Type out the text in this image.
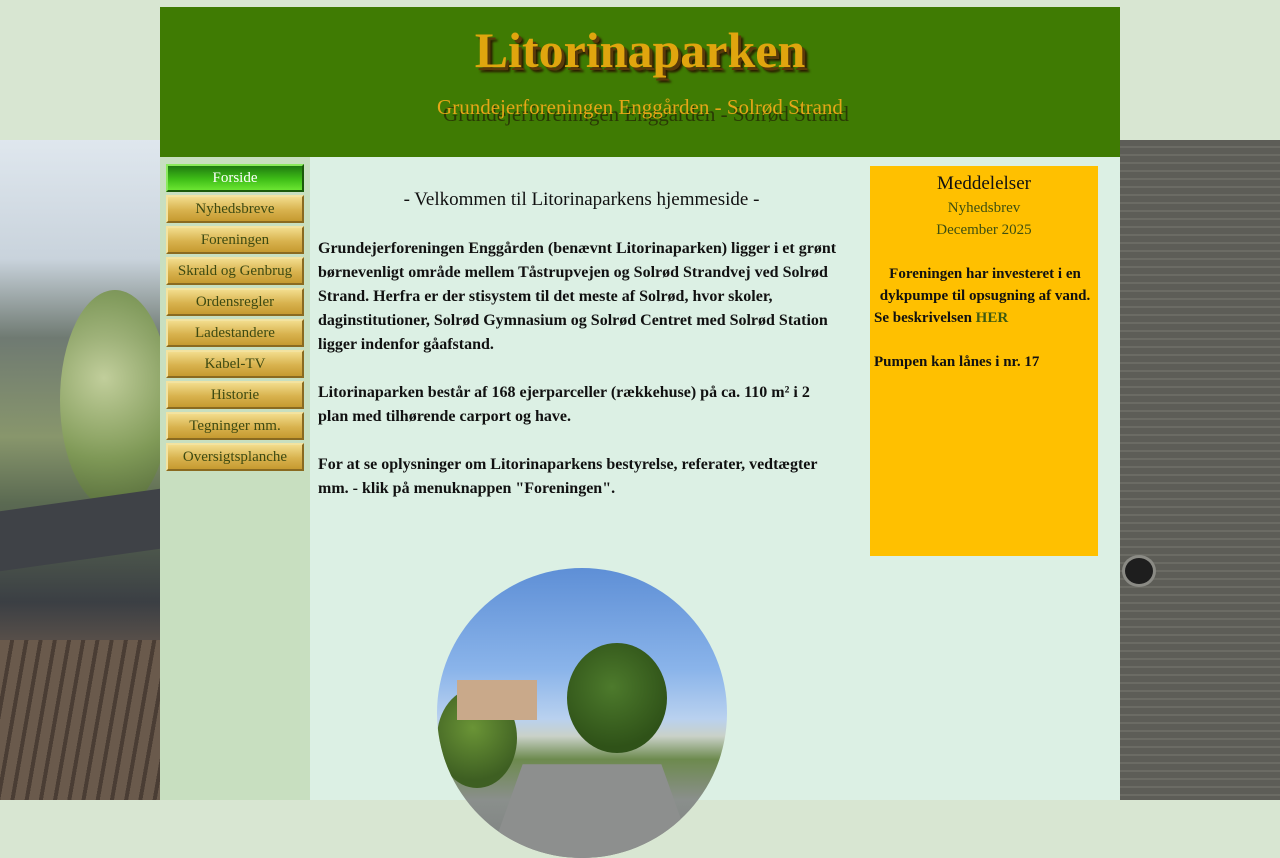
Litorinaparken
Grundejerforeningen Enggården - Solrød Strand
Forside
Nyhedsbreve
Foreningen
Skrald og Genbrug
Ordensregler
Ladestandere
Kabel-TV
Historie
Tegninger mm.
Oversigtsplanche
- Velkommen til Litorinaparkens hjemmeside -

Grundejerforeningen Enggården (benævnt Litorinaparken) ligger i et grønt børnevenligt område mellem Tåstrupvejen og Solrød Strandvej ved Solrød Strand. Herfra er der stisystem til det meste af Solrød, hvor skoler, daginstitutioner, Solrød Gymnasium og Solrød Centret med Solrød Station ligger indenfor gåafstand.

Litorinaparken består af 168 ejerparceller (rækkehuse) på ca. 110 m² i 2 plan med tilhørende carport og have.

For at se oplysninger om Litorinaparkens bestyrelse, referater, vedtægter mm. - klik på menuknappen "Foreningen".

Meddelelser
Nyhedsbrev
December 2025
Foreningen har investeret i en dykpumpe til opsugning af vand.
Se beskrivelsen HER
Pumpen kan lånes i nr. 17
